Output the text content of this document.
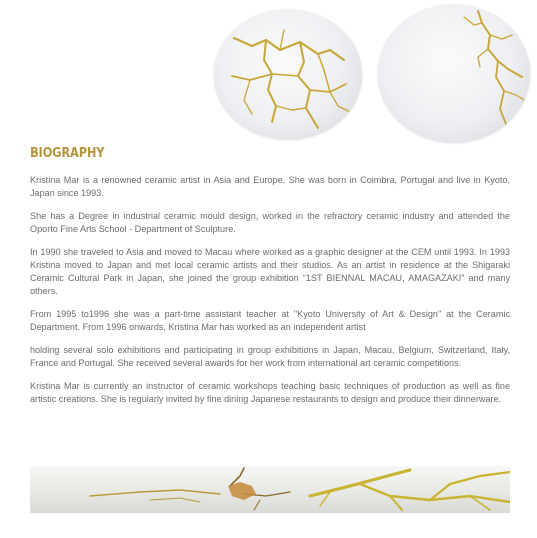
BIOGRAPHY

Kristina Mar is a renowned ceramic artist in Asia and Europe. She was born in Coimbra, Portugal and live in Kyoto, Japan since 1993.

She has a Degree in industrial ceramic mould design, worked in the refractory ceramic industry and attended the Oporto Fine Arts School - Department of Sculpture.

In 1990 she traveled to Asia and moved to Macau where worked as a graphic designer at the CEM until 1993. In 1993 Kristina moved to Japan and met local ceramic artists and their studios. As an artist in residence at the Shigaraki Ceramic Cultural Park in Japan, she joined the group exhibition “1ST BIENNAL MACAU, AMAGAZAKI” and many others.

From 1995 to1996 she was a part-time assistant teacher at "Kyoto University of Art & Design" at the Ceramic Department. From 1996 onwards, Kristina Mar has worked as an independent artist

holding several solo exhibitions and participating in group exhibitions in Japan, Macau, Belgium, Switzerland, Italy, France and Portugal. She received several awards for her work from international art ceramic competitions.

Kristina Mar is currently an instructor of ceramic workshops teaching basic techniques of production as well as fine artistic creations. She is regularly invited by fine dining Japanese restaurants to design and produce their dinnerware.
